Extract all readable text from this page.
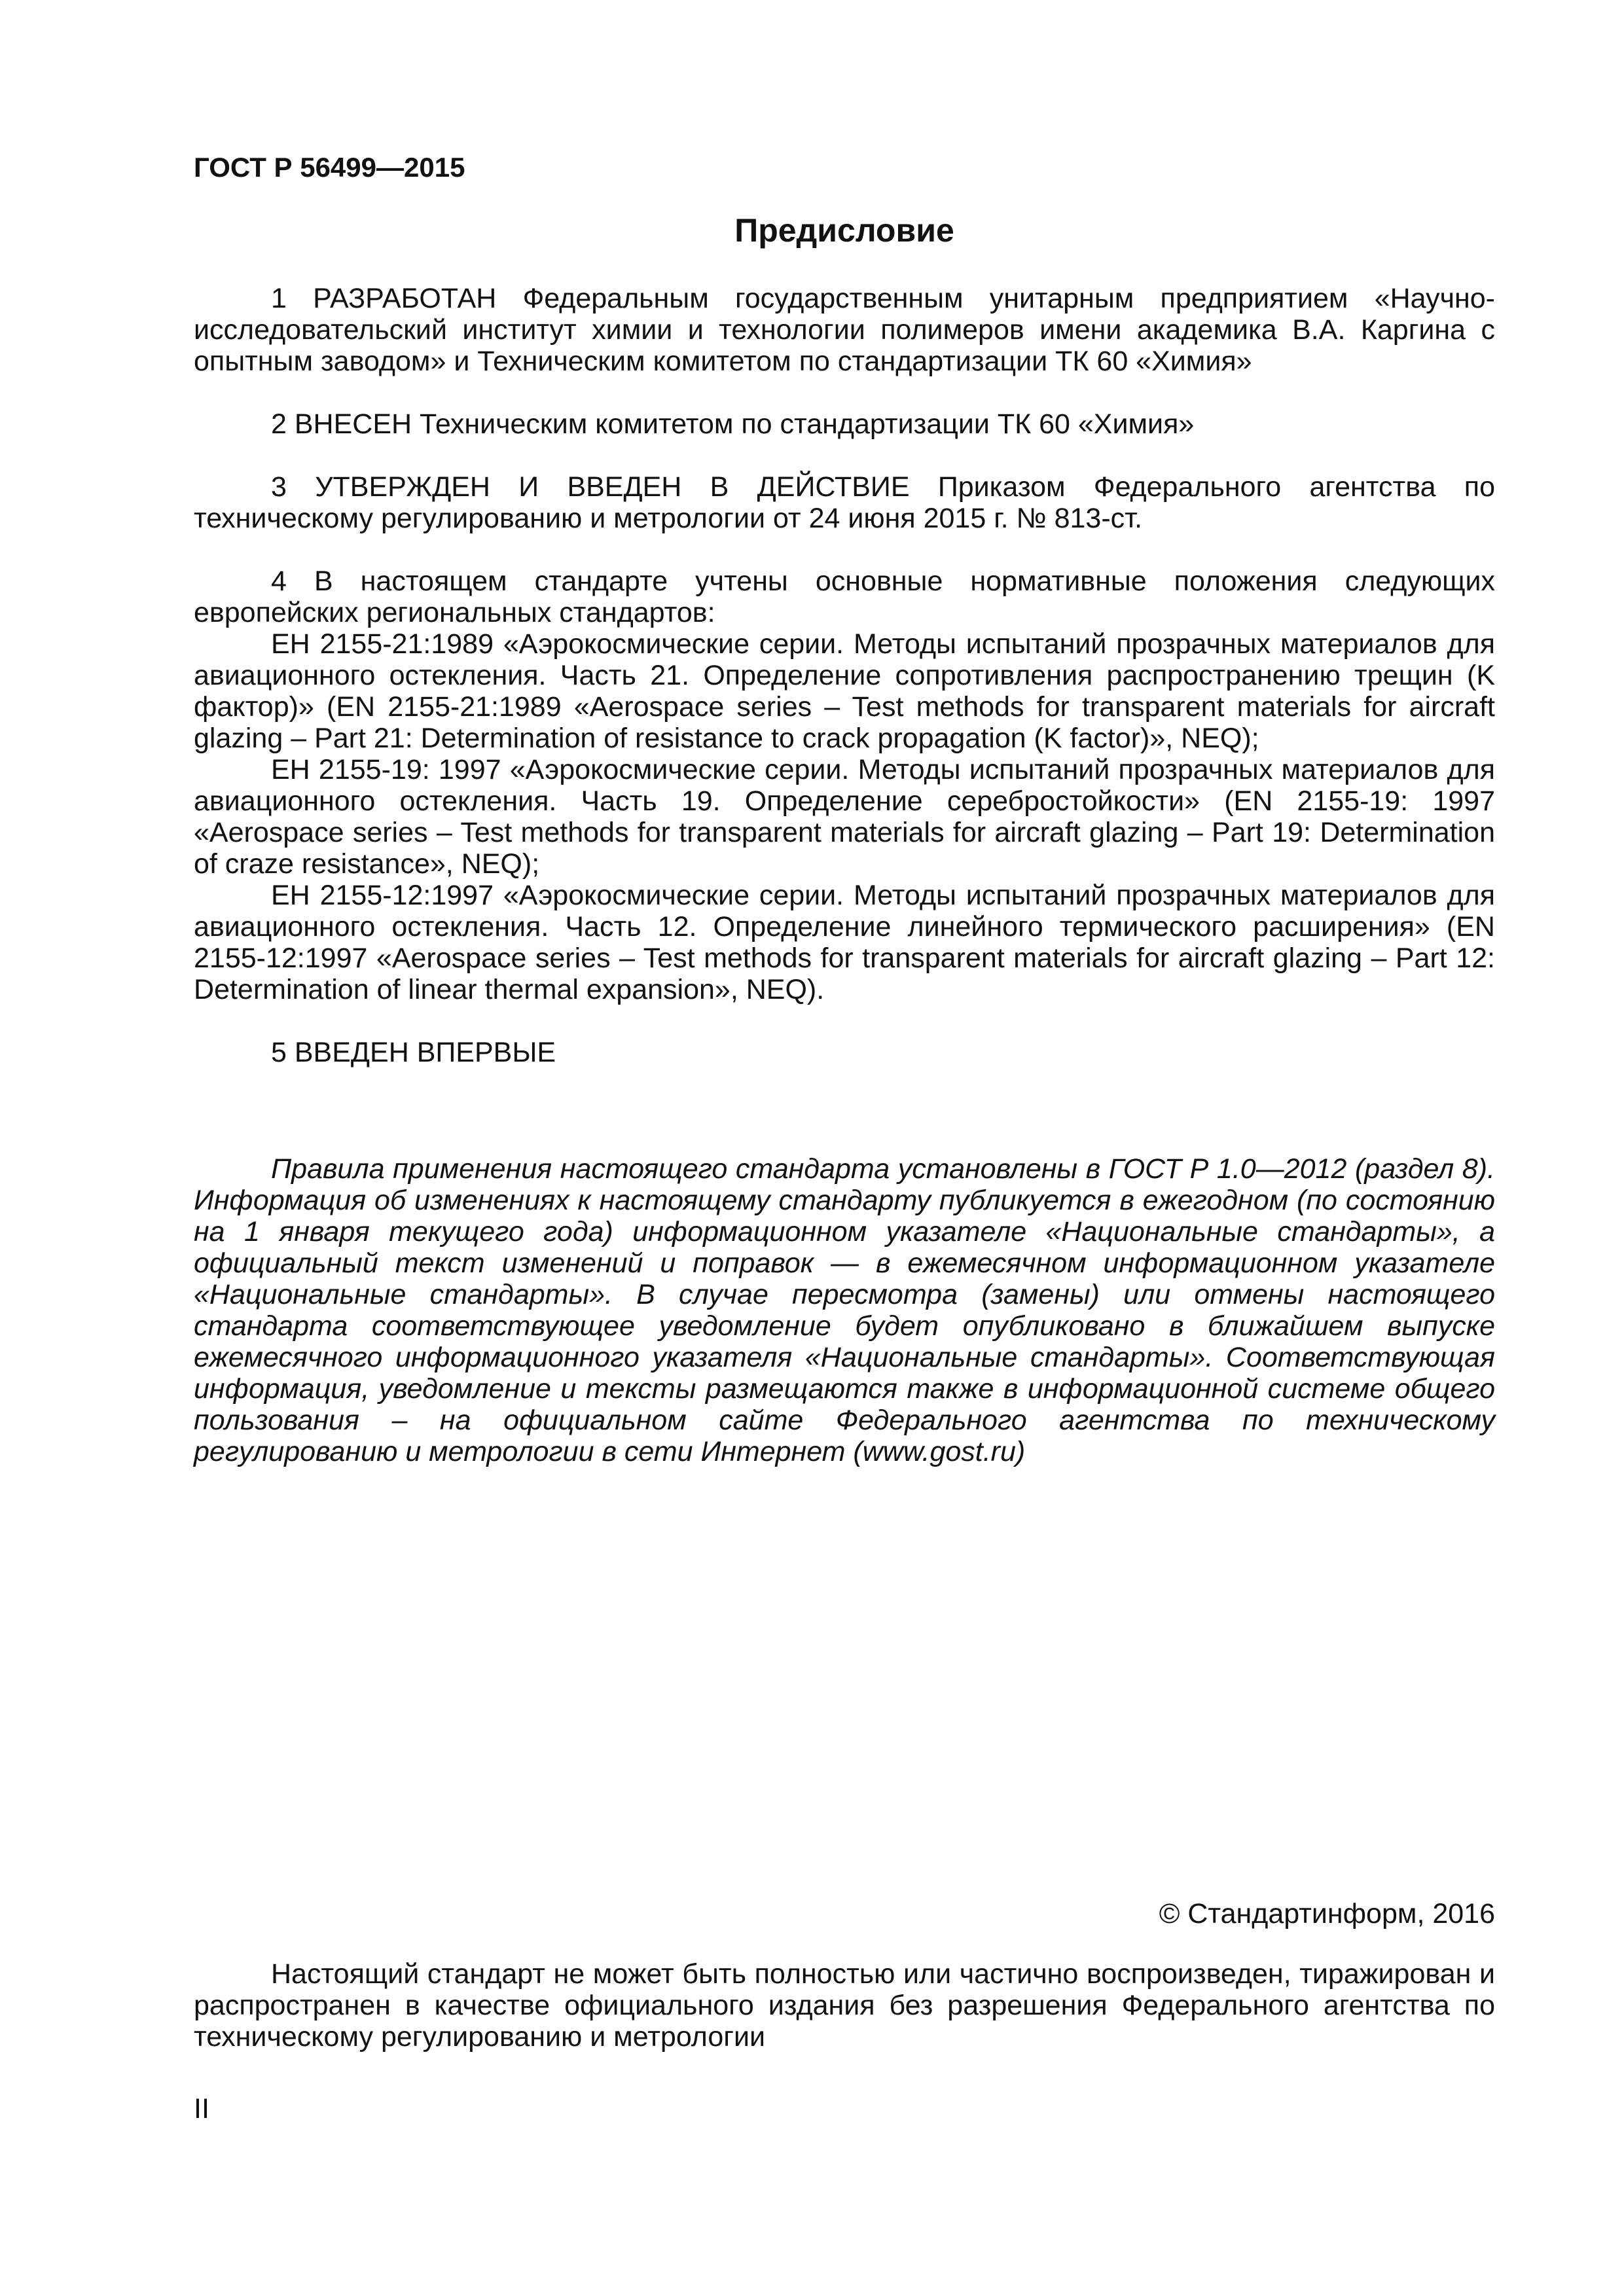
ГОСТ Р 56499—2015
Предисловие

1 РАЗРАБОТАН Федеральным государственным унитарным предприятием «Научно-исследовательский институт химии и технологии полимеров имени академика В.А. Каргина с опытным заводом» и Техническим комитетом по стандартизации ТК 60 «Химия»

2 ВНЕСЕН Техническим комитетом по стандартизации ТК 60 «Химия»

3 УТВЕРЖДЕН И ВВЕДЕН В ДЕЙСТВИЕ Приказом Федерального агентства по техническому регулированию и метрологии от 24 июня 2015 г. № 813-ст.

4 В настоящем стандарте учтены основные нормативные положения следующих европейских региональных стандартов:

ЕН 2155-21:1989 «Аэрокосмические серии. Методы испытаний прозрачных материалов для авиационного остекления. Часть 21. Определение сопротивления распространению трещин (K фактор)» (EN 2155-21:1989 «Aerospace series – Test methods for transparent materials for aircraft glazing – Part 21: Determination of resistance to crack propagation (K factor)», NEQ);

ЕН 2155-19: 1997 «Аэрокосмические серии. Методы испытаний прозрачных материалов для авиационного остекления. Часть 19. Определение серебростойкости» (EN 2155-19: 1997 «Aerospace series – Test methods for transparent materials for aircraft glazing – Part 19: Determination of craze resistance», NEQ);

ЕН 2155-12:1997 «Аэрокосмические серии. Методы испытаний прозрачных материалов для авиационного остекления. Часть 12. Определение линейного термического расширения» (EN 2155-12:1997 «Aerospace series – Test methods for transparent materials for aircraft glazing – Part 12: Determination of linear thermal expansion», NEQ).

5 ВВЕДЕН ВПЕРВЫЕ

Правила применения настоящего стандарта установлены в ГОСТ Р 1.0—2012 (раздел 8). Информация об изменениях к настоящему стандарту публикуется в ежегодном (по состоянию на 1 января текущего года) информационном указателе «Национальные стандарты», а официальный текст изменений и поправок — в ежемесячном информационном указателе «Национальные стандарты». В случае пересмотра (замены) или отмены настоящего стандарта соответствующее уведомление будет опубликовано в ближайшем выпуске ежемесячного информационного указателя «Национальные стандарты». Соответствующая информация, уведомление и тексты размещаются также в информационной системе общего пользования – на официальном сайте Федерального агентства по техническому регулированию и метрологии в сети Интернет (www.gost.ru)

© Стандартинформ, 2016

Настоящий стандарт не может быть полностью или частично воспроизведен, тиражирован и распространен в качестве официального издания без разрешения Федерального агентства по техническому регулированию и метрологии

II
